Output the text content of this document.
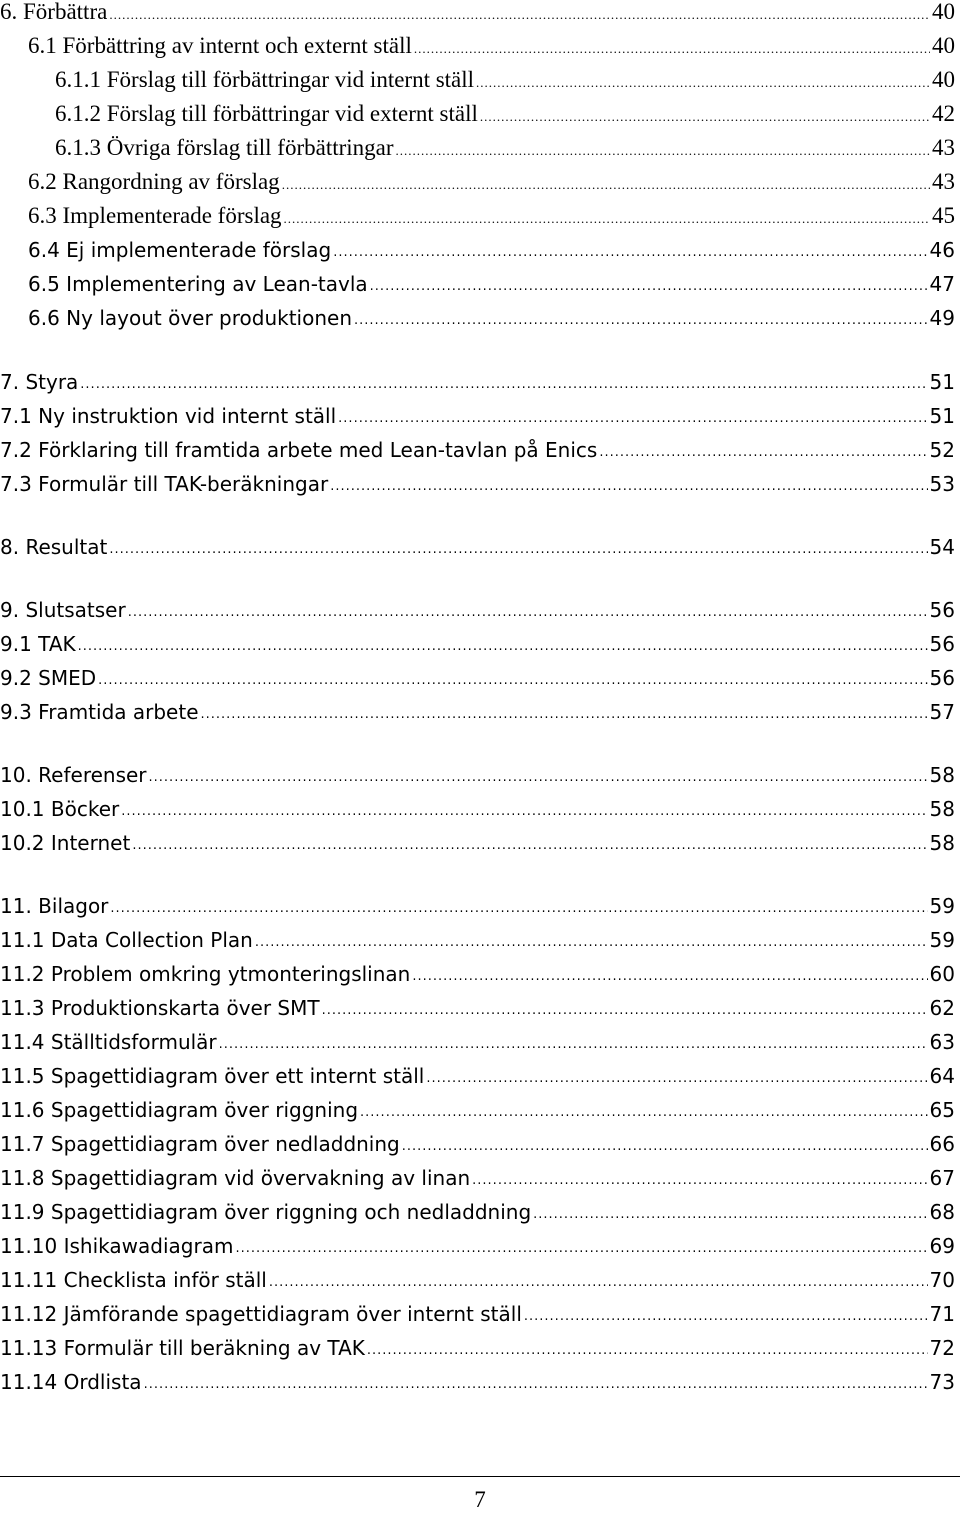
6. Förbättra .....	40
6.1 Förbättring av internt och externt ställ .....	40
6.1.1 Förslag till förbättringar vid internt ställ .....	40
6.1.2 Förslag till förbättringar vid externt ställ .....	42
6.1.3 Övriga förslag till förbättringar .....	43
6.2 Rangordning av förslag .....	43
6.3 Implementerade förslag .....	45
6.4 Ej implementerade förslag .....	46
6.5 Implementering av Lean-tavla .....	47
6.6 Ny layout över produktionen .....	49
7. Styra .....	51
7.1 Ny instruktion vid internt ställ .....	51
7.2 Förklaring till framtida arbete med Lean-tavlan på Enics .....	52
7.3 Formulär till TAK-beräkningar .....	53
8. Resultat .....	54
9. Slutsatser .....	56
9.1 TAK .....	56
9.2 SMED .....	56
9.3 Framtida arbete .....	57
10. Referenser .....	58
10.1 Böcker .....	58
10.2 Internet .....	58
11. Bilagor .....	59
11.1 Data Collection Plan .....	59
11.2 Problem omkring ytmonteringslinan .....	60
11.3 Produktionskarta över SMT .....	62
11.4 Ställtidsformulär .....	63
11.5 Spagettidiagram över ett internt ställ .....	64
11.6 Spagettidiagram över riggning .....	65
11.7 Spagettidiagram över nedladdning .....	66
11.8 Spagettidiagram vid övervakning av linan .....	67
11.9 Spagettidiagram över riggning och nedladdning .....	68
11.10 Ishikawadiagram .....	69
11.11 Checklista inför ställ .....	70
11.12 Jämförande spagettidiagram över internt ställ .....	71
11.13 Formulär till beräkning av TAK .....	72
11.14 Ordlista .....	73
7
